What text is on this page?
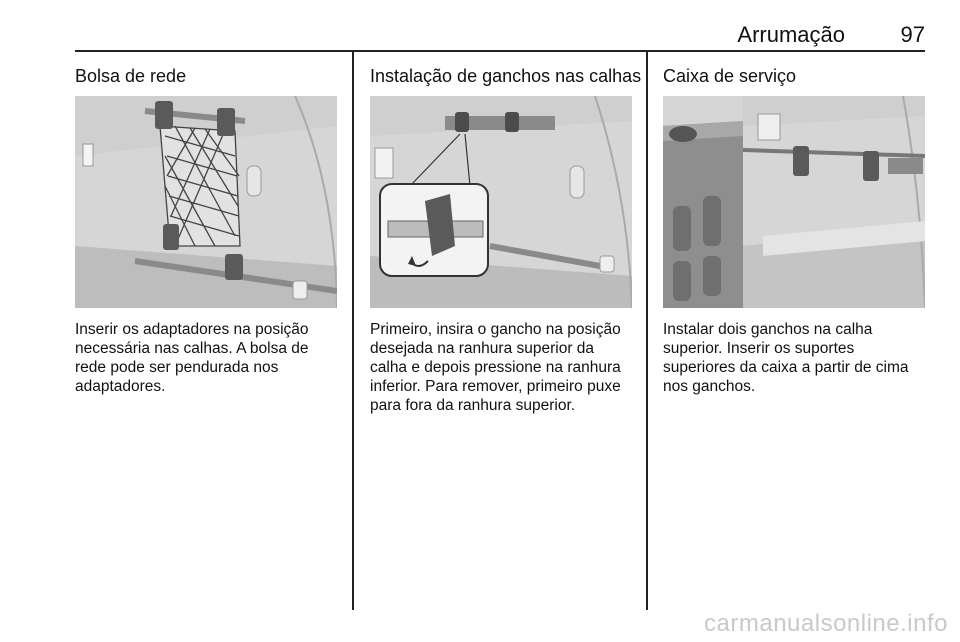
Arrumação	97
Bolsa de rede
Inserir os adaptadores na posição necessária nas calhas. A bolsa de rede pode ser pendurada nos adaptadores.
Instalação de ganchos nas calhas
Primeiro, insira o gancho na posição desejada na ranhura superior da calha e depois pressione na ranhura inferior. Para remover, primeiro puxe para fora da ranhura superior.
Caixa de serviço
Instalar dois ganchos na calha superior. Inserir os suportes superiores da caixa a partir de cima nos ganchos.
carmanualsonline.info
